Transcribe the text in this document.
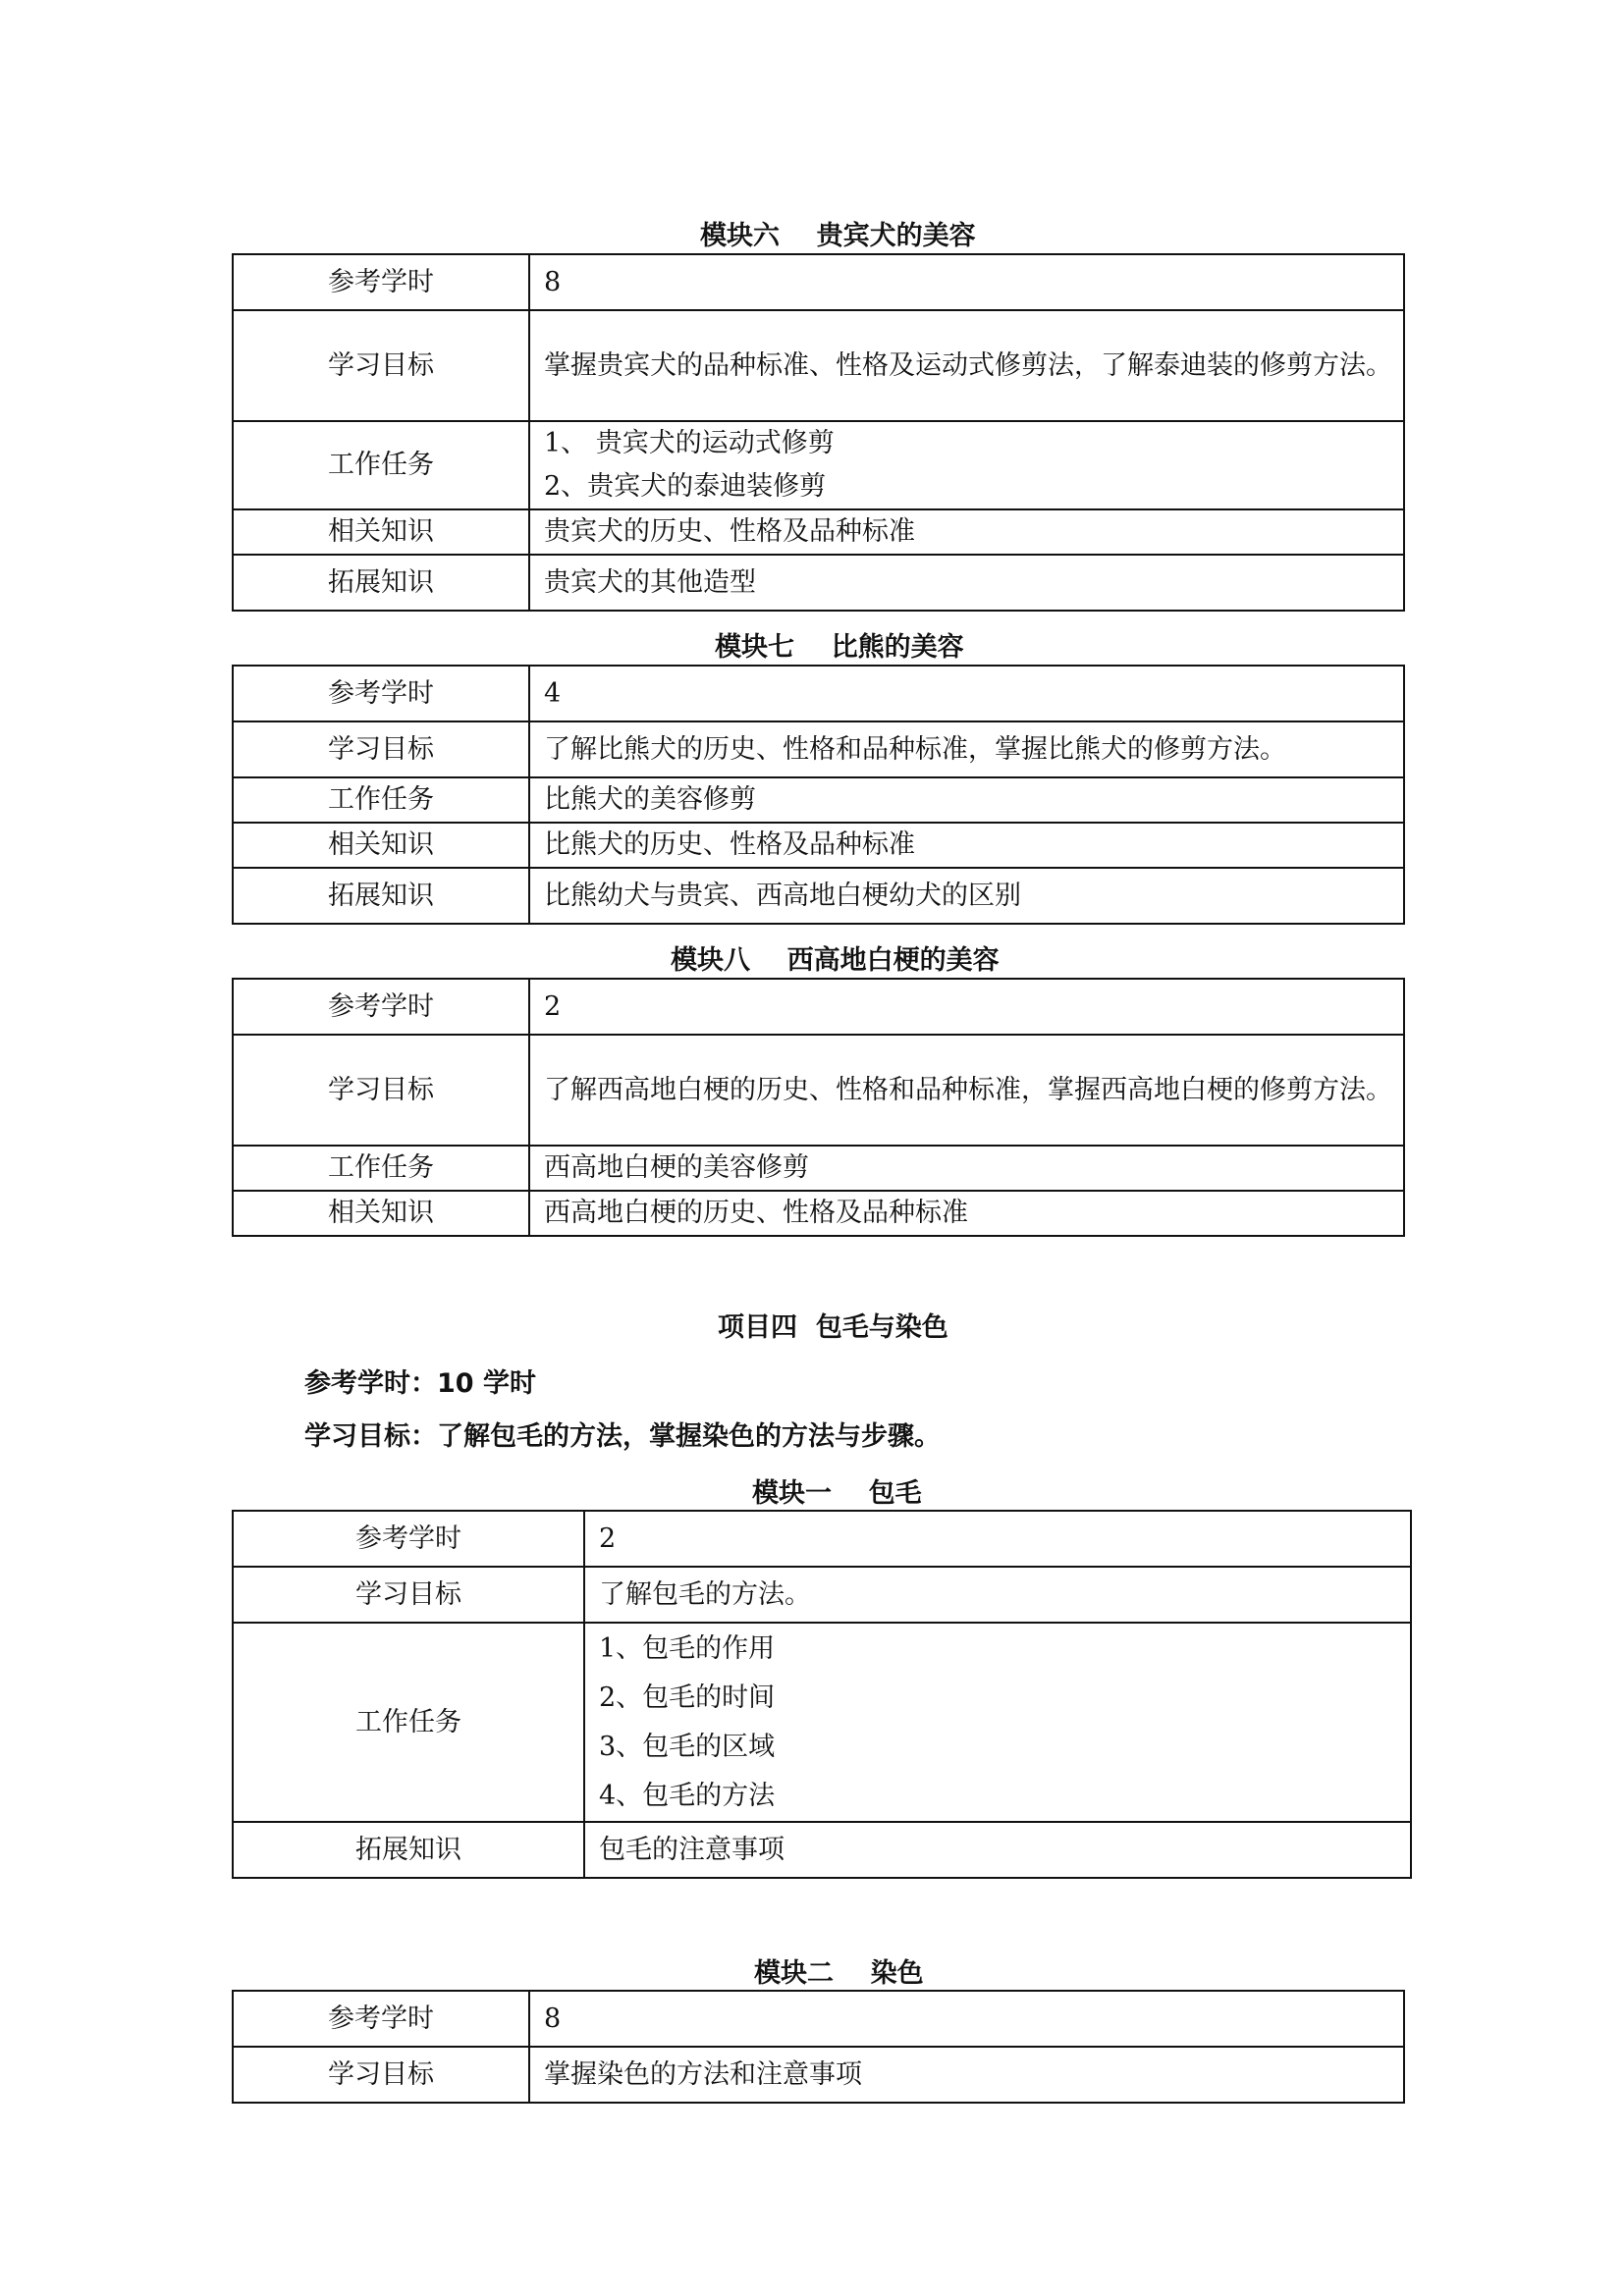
模块六    贵宾犬的美容
参考学时	8
学习目标	掌握贵宾犬的品种标准、性格及运动式修剪法，了解泰迪装的修剪方法。
工作任务	1、 贵宾犬的运动式修剪
2、贵宾犬的泰迪装修剪

相关知识	贵宾犬的历史、性格及品种标准
拓展知识	贵宾犬的其他造型
模块七    比熊的美容
参考学时	4
学习目标	了解比熊犬的历史、性格和品种标准，掌握比熊犬的修剪方法。
工作任务	比熊犬的美容修剪
相关知识	比熊犬的历史、性格及品种标准
拓展知识	比熊幼犬与贵宾、西高地白梗幼犬的区别
模块八    西高地白梗的美容
参考学时	2
学习目标	了解西高地白梗的历史、性格和品种标准，掌握西高地白梗的修剪方法。
工作任务	西高地白梗的美容修剪
相关知识	西高地白梗的历史、性格及品种标准
项目四  包毛与染色
参考学时：10 学时
学习目标：了解包毛的方法，掌握染色的方法与步骤。
模块一    包毛
参考学时	2
学习目标	了解包毛的方法。
工作任务	1、包毛的作用
2、包毛的时间
3、包毛的区域
4、包毛的方法

拓展知识	包毛的注意事项
模块二    染色
参考学时	8
学习目标	掌握染色的方法和注意事项
